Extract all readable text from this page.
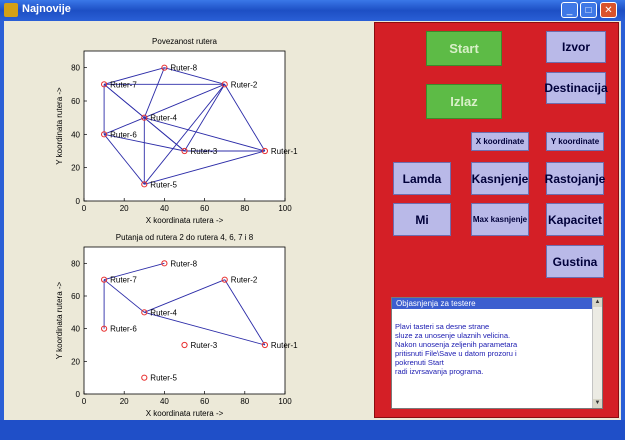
Najnovije	_	□	✕
Povezanost rutera
0	20	40	60	80	100
0
20
40
60
80
X koordinata rutera ->
Y koordinata rutera ->	Ruter-1
Ruter-2
Ruter-3
Ruter-4
Ruter-5
Ruter-6
Ruter-7
Ruter-8
Putanja od rutera 2 do rutera 4, 6, 7 i 8
0	20	40	60	80	100
0
20
40
60
80
X koordinata rutera ->
Y koordinata rutera ->	Ruter-1
Ruter-2
Ruter-3
Ruter-4
Ruter-5
Ruter-6
Ruter-7
Ruter-8
Start
Izlaz
Izvor
Destinacija
X koordinate	Y koordinate
Lamda	Kasnjenje Rastojanje
Mi	Max kasnjenje Kapacitet
Gustina
Objasnjenja za testere
Plavi tasteri sa desne strane
sluze za unosenje ulaznih velicina.
Nakon unosenja zeljenih parametara
pritisnuti File\Save u datom prozoru i
pokrenuti Start
radi izvrsavanja programa.
▲
▼
